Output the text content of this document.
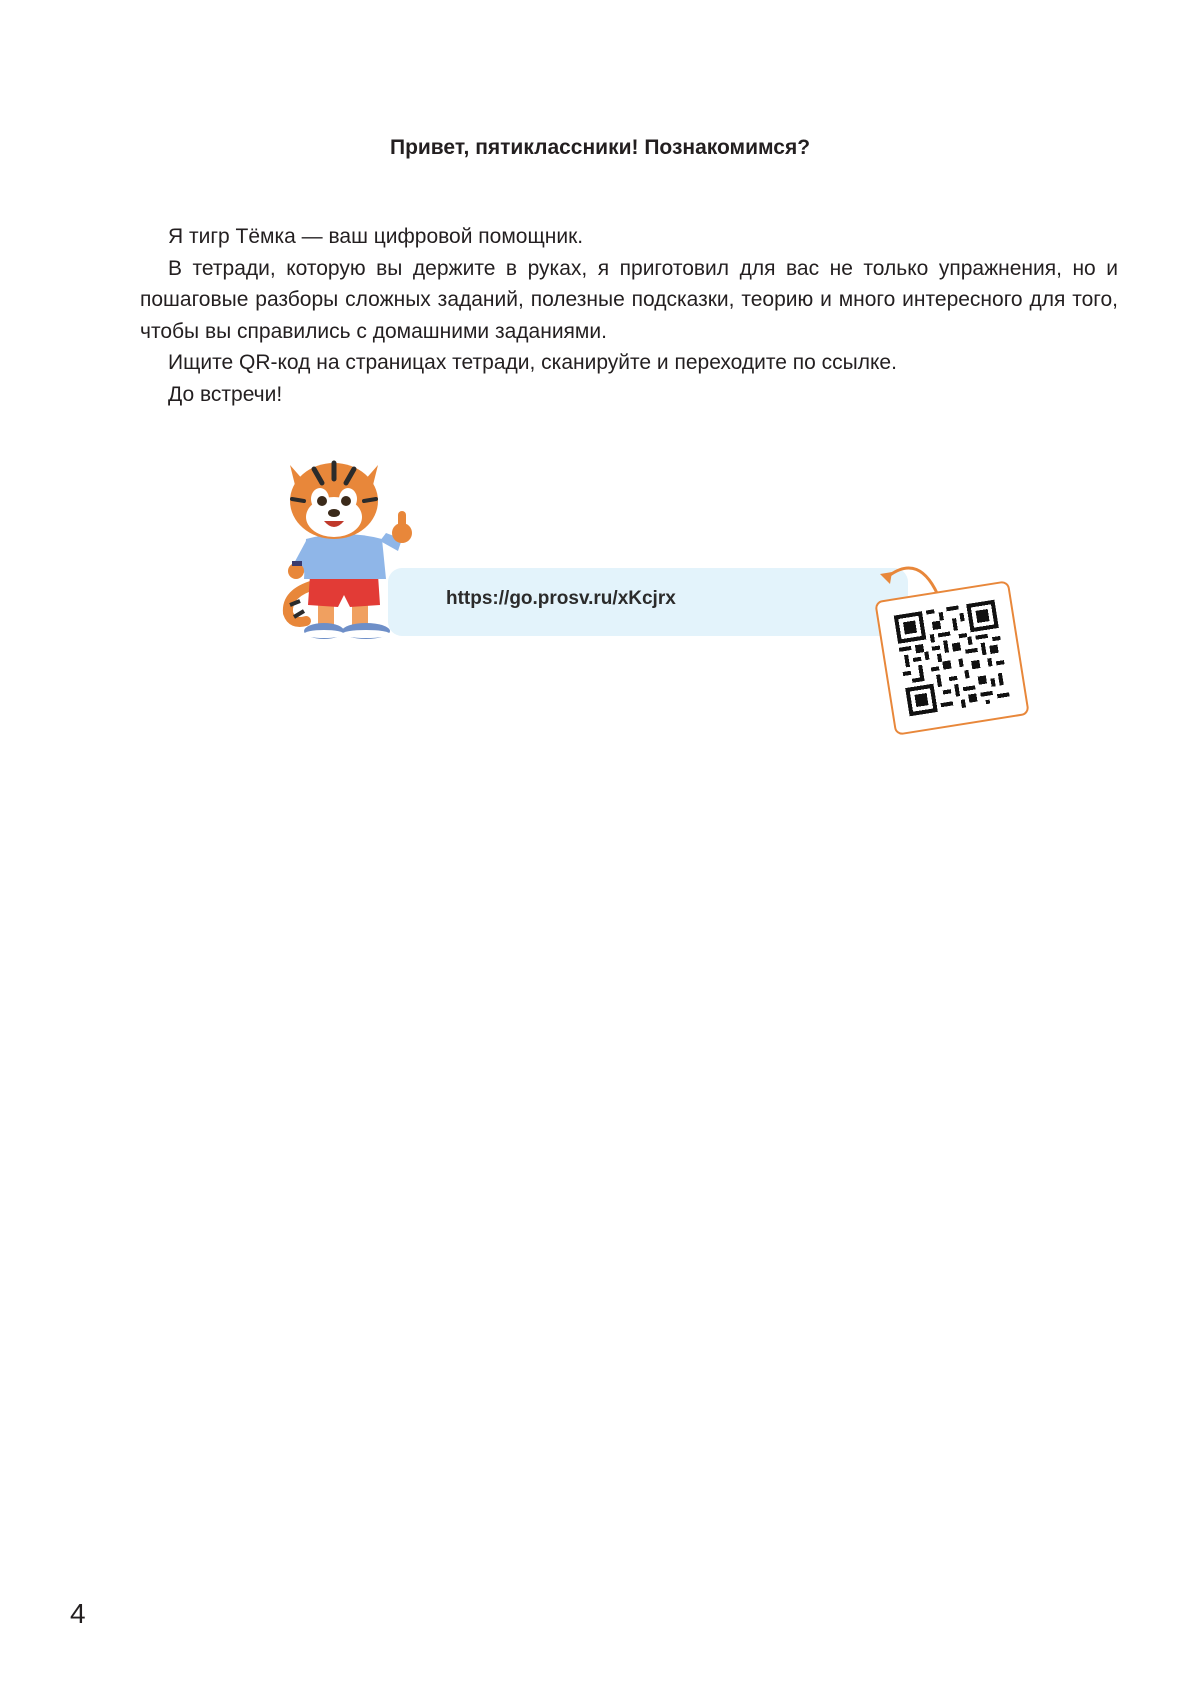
Привет, пятиклассники! Познакомимся?

Я тигр Тёмка — ваш цифровой помощник.

В тетради, которую вы держите в руках, я приготовил для вас не только упражнения, но и пошаговые разборы сложных заданий, полезные подсказки, теорию и много интересного для того, чтобы вы справились с домашними заданиями.

Ищите QR-код на страницах тетради, сканируйте и переходите по ссылке.

До встречи!

https://go.prosv.ru/xKcjrx
4
